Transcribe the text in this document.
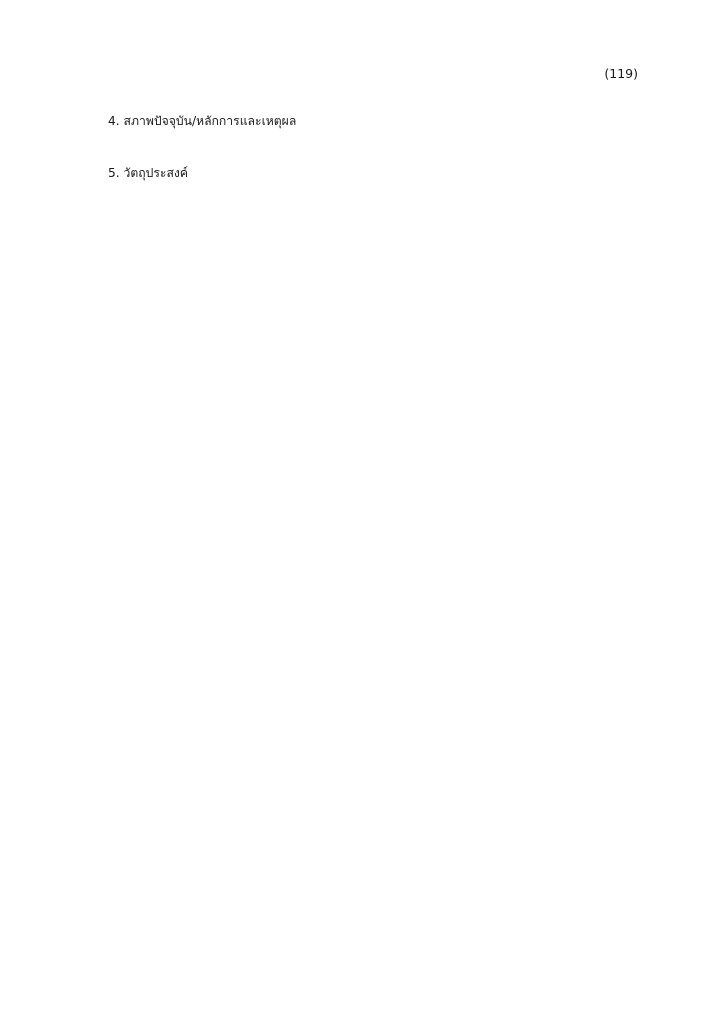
(119)
4. สภาพปัจจุบัน/หลักการและเหตุผล

5. วัตถุประสงค์
